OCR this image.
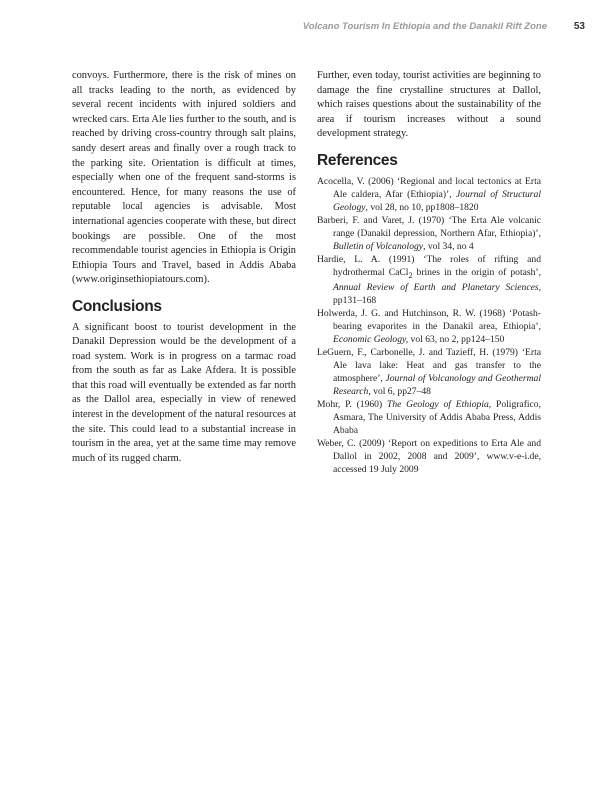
Volcano Tourism In Ethiopia and the Danakil Rift Zone	53

convoys. Furthermore, there is the risk of mines on all tracks leading to the north, as evidenced by several recent incidents with injured soldiers and wrecked cars. Erta Ale lies further to the south, and is reached by driving cross-country through salt plains, sandy desert areas and finally over a rough track to the parking site. Orientation is difficult at times, especially when one of the frequent sand-storms is encountered. Hence, for many reasons the use of reputable local agencies is advisable. Most international agencies cooperate with these, but direct bookings are possible. One of the most recommendable tourist agencies in Ethiopia is Origin Ethiopia Tours and Travel, based in Addis Ababa (www.originsethiopiatours.com).

Conclusions

A significant boost to tourist development in the Danakil Depression would be the development of a road system. Work is in progress on a tarmac road from the south as far as Lake Afdera. It is possible that this road will eventually be extended as far north as the Dallol area, especially in view of renewed interest in the development of the natural resources at the site. This could lead to a substantial increase in tourism in the area, yet at the same time may remove much of its rugged charm.

Further, even today, tourist activities are beginning to damage the fine crystalline structures at Dallol, which raises questions about the sustainability of the area if tourism increases without a sound development strategy.

References
Acocella, V. (2006) ‘Regional and local tectonics at Erta Ale caldera, Afar (Ethiopia)’, Journal of Structural Geology, vol 28, no 10, pp1808–1820
Barberi, F. and Varet, J. (1970) ‘The Erta Ale volcanic range (Danakil depression, Northern Afar, Ethiopia)’, Bulletin of Volcanology, vol 34, no 4
Hardie, L. A. (1991) ‘The roles of rifting and hydrothermal CaCl$_2$ brines in the origin of potash’, Annual Review of Earth and Planetary Sciences, pp131–168
Holwerda, J. G. and Hutchinson, R. W. (1968) ‘Potash-bearing evaporites in the Danakil area, Ethiopia’, Economic Geology, vol 63, no 2, pp124–150
LeGuern, F., Carbonelle, J. and Tazieff, H. (1979) ‘Erta Ale lava lake: Heat and gas transfer to the atmosphere’, Journal of Volcanology and Geothermal Research, vol 6, pp27–48
Mohr, P. (1960) The Geology of Ethiopia, Poligrafico, Asmara, The University of Addis Ababa Press, Addis Ababa
Weber, C. (2009) ‘Report on expeditions to Erta Ale and Dallol in 2002, 2008 and 2009’, www.v-e-i.de, accessed 19 July 2009
